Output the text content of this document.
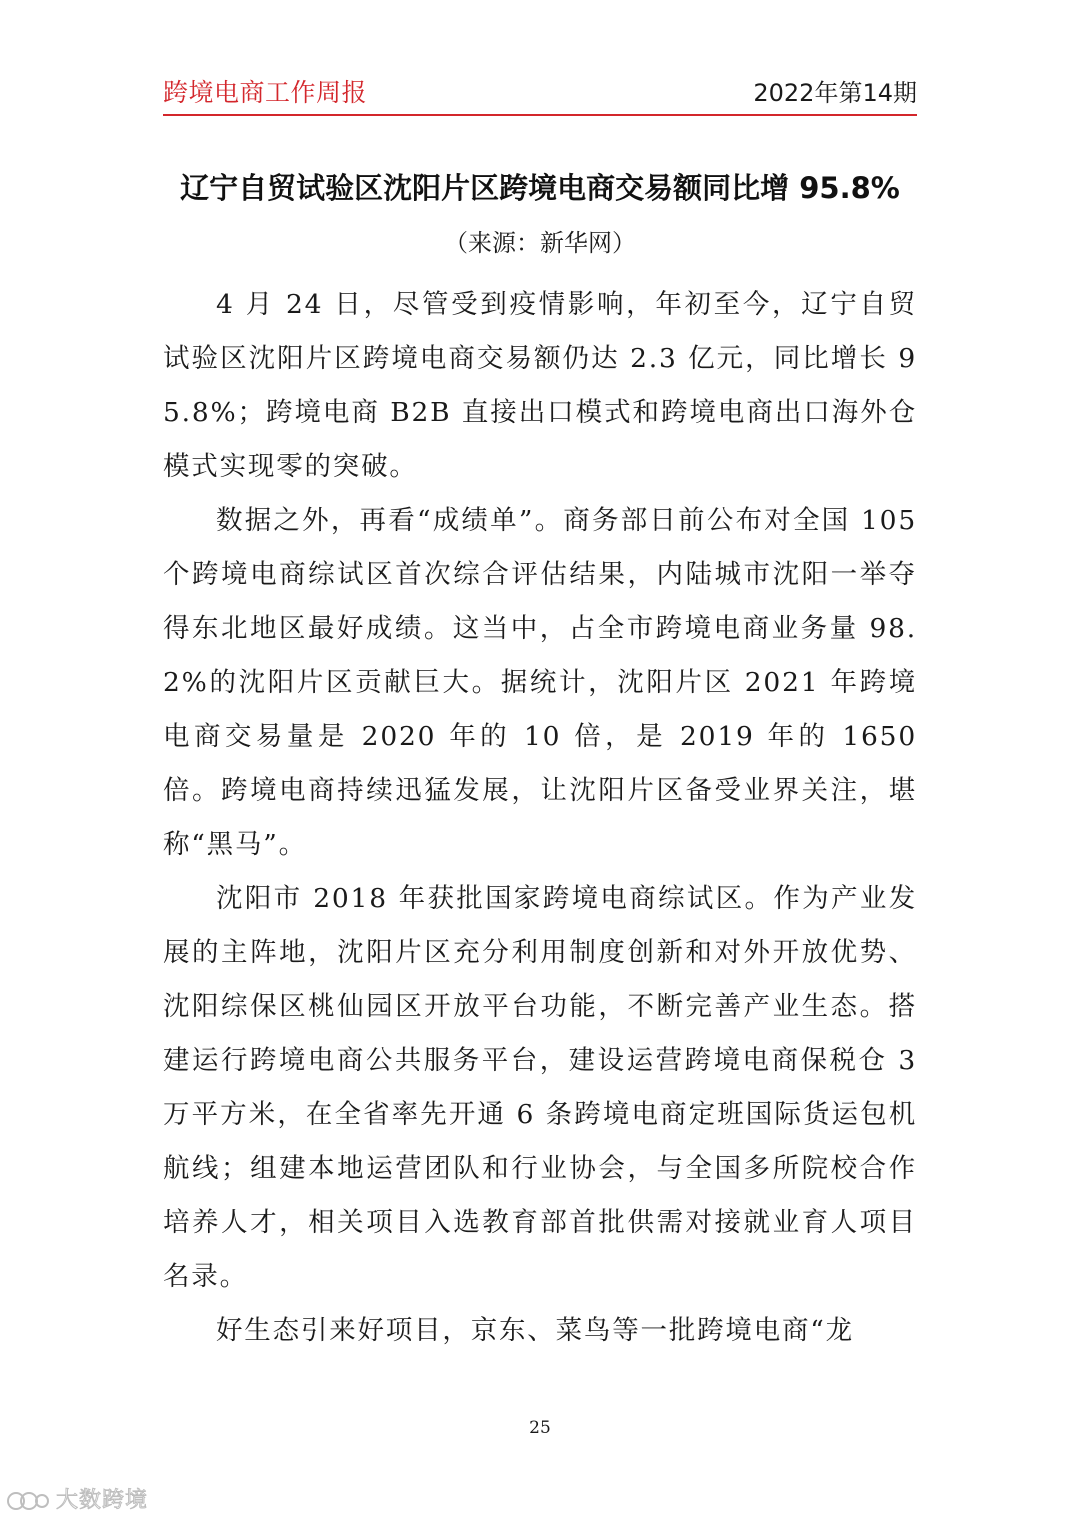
跨境电商工作周报	2022年第14期
辽宁自贸试验区沈阳片区跨境电商交易额同比增 95.8%
（来源：新华网）

4 月 24 日，尽管受到疫情影响，年初至今，辽宁自贸试验区沈阳片区跨境电商交易额仍达 2.3 亿元，同比增长 95.8%；跨境电商 B2B 直接出口模式和跨境电商出口海外仓模式实现零的突破。

数据之外，再看“成绩单”。商务部日前公布对全国 105 个跨境电商综试区首次综合评估结果，内陆城市沈阳一举夺得东北地区最好成绩。这当中，占全市跨境电商业务量 98.2%的沈阳片区贡献巨大。据统计，沈阳片区 2021 年跨境电商交易量是 2020 年的 10 倍，是 2019 年的 1650 倍。跨境电商持续迅猛发展，让沈阳片区备受业界关注，堪称“黑马”。

沈阳市 2018 年获批国家跨境电商综试区。作为产业发展的主阵地，沈阳片区充分利用制度创新和对外开放优势、沈阳综保区桃仙园区开放平台功能，不断完善产业生态。搭建运行跨境电商公共服务平台，建设运营跨境电商保税仓 3 万平方米，在全省率先开通 6 条跨境电商定班国际货运包机航线；组建本地运营团队和行业协会，与全国多所院校合作培养人才，相关项目入选教育部首批供需对接就业育人项目名录。

好生态引来好项目，京东、菜鸟等一批跨境电商“龙

25
大数跨境
